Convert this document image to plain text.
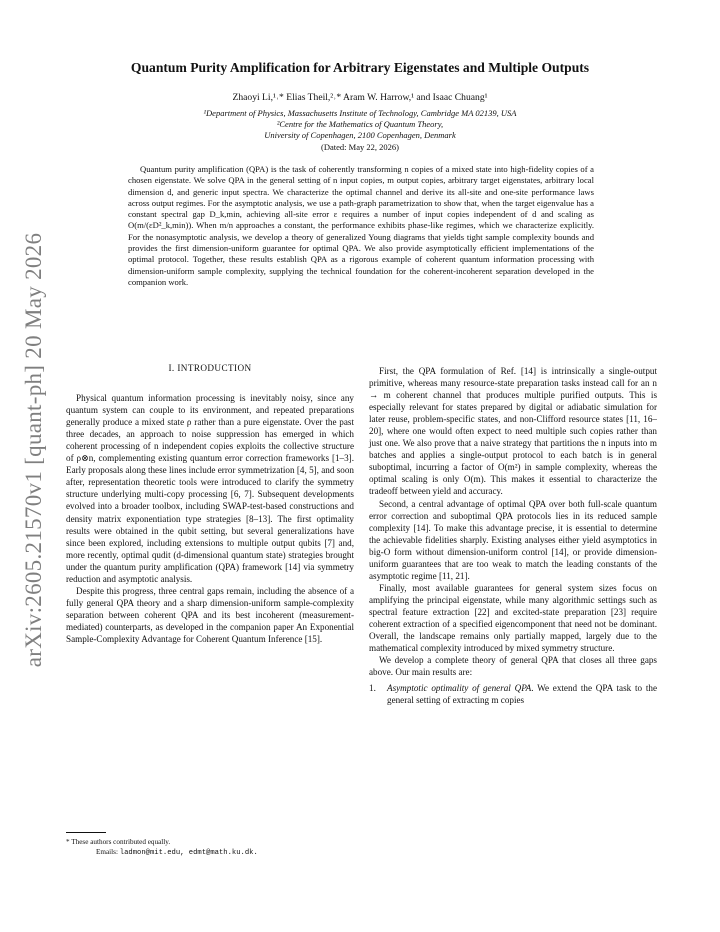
arXiv:2605.21570v1 [quant-ph] 20 May 2026
Quantum Purity Amplification for Arbitrary Eigenstates and Multiple Outputs
Zhaoyi Li,¹˒* Elias Theil,²˒* Aram W. Harrow,¹ and Isaac Chuang¹
¹Department of Physics, Massachusetts Institute of Technology, Cambridge MA 02139, USA
²Centre for the Mathematics of Quantum Theory,
University of Copenhagen, 2100 Copenhagen, Denmark
(Dated: May 22, 2026)

Quantum purity amplification (QPA) is the task of coherently transforming n copies of a mixed state into high-fidelity copies of a chosen eigenstate. We solve QPA in the general setting of n input copies, m output copies, arbitrary target eigenstates, arbitrary local dimension d, and generic input spectra. We characterize the optimal channel and derive its all-site and one-site performance laws across output regimes. For the asymptotic analysis, we use a path-graph parametrization to show that, when the target eigenvalue has a constant spectral gap D_k,min, achieving all-site error ε requires a number of input copies independent of d and scaling as O(m/(εD²_k,min)). When m/n approaches a constant, the performance exhibits phase-like regimes, which we characterize explicitly. For the nonasymptotic analysis, we develop a theory of generalized Young diagrams that yields tight sample complexity bounds and provides the first dimension-uniform guarantee for optimal QPA. We also provide asymptotically efficient implementations of the optimal protocol. Together, these results establish QPA as a rigorous example of coherent quantum information processing with dimension-uniform sample complexity, supplying the technical foundation for the coherent-incoherent separation developed in the companion work.

I. INTRODUCTION

Physical quantum information processing is inevitably noisy, since any quantum system can couple to its environment, and repeated preparations generally produce a mixed state ρ rather than a pure eigenstate. Over the past three decades, an approach to noise suppression has emerged in which coherent processing of n independent copies exploits the collective structure of ρ⊗n, complementing existing quantum error correction frameworks [1–3]. Early proposals along these lines include error symmetrization [4, 5], and soon after, representation theoretic tools were introduced to clarify the symmetry structure underlying multi-copy processing [6, 7]. Subsequent developments evolved into a broader toolbox, including SWAP-test-based constructions and density matrix exponentiation type strategies [8–13]. The first optimality results were obtained in the qubit setting, but several generalizations have since been explored, including extensions to multiple output qubits [7] and, more recently, optimal qudit (d-dimensional quantum state) strategies brought under the quantum purity amplification (QPA) framework [14] via symmetry reduction and asymptotic analysis.

Despite this progress, three central gaps remain, including the absence of a fully general QPA theory and a sharp dimension-uniform sample-complexity separation between coherent QPA and its best incoherent (measurement-mediated) counterparts, as developed in the companion paper An Exponential Sample-Complexity Advantage for Coherent Quantum Inference [15].

* These authors contributed equally.
Emails: ladmon@mit.edu, edmt@math.ku.dk.

First, the QPA formulation of Ref. [14] is intrinsically a single-output primitive, whereas many resource-state preparation tasks instead call for an n → m coherent channel that produces multiple purified outputs. This is especially relevant for states prepared by digital or adiabatic simulation for later reuse, problem-specific states, and non-Clifford resource states [11, 16–20], where one would often expect to need multiple such copies rather than just one. We also prove that a naive strategy that partitions the n inputs into m batches and applies a single-output protocol to each batch is in general suboptimal, incurring a factor of O(m²) in sample complexity, whereas the optimal scaling is only O(m). This makes it essential to characterize the tradeoff between yield and accuracy.

Second, a central advantage of optimal QPA over both full-scale quantum error correction and suboptimal QPA protocols lies in its reduced sample complexity [14]. To make this advantage precise, it is essential to determine the achievable fidelities sharply. Existing analyses either yield asymptotics in big-O form without dimension-uniform control [14], or provide dimension-uniform guarantees that are too weak to match the leading constants of the asymptotic regime [11, 21].

Finally, most available guarantees for general system sizes focus on amplifying the principal eigenstate, while many algorithmic settings such as spectral feature extraction [22] and excited-state preparation [23] require coherent extraction of a specified eigencomponent that need not be dominant. Overall, the landscape remains only partially mapped, largely due to the mathematical complexity introduced by mixed symmetry structure.

We develop a complete theory of general QPA that closes all three gaps above. Our main results are:

1. Asymptotic optimality of general QPA. We extend the QPA task to the general setting of extracting m copies
